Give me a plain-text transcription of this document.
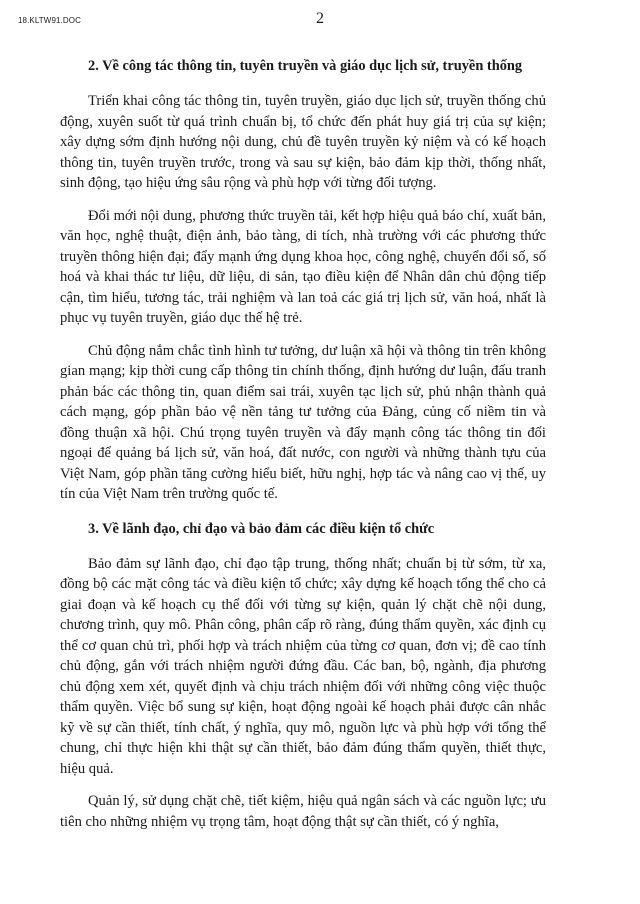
18.KLTW91.DOC	2
2. Về công tác thông tin, tuyên truyền và giáo dục lịch sử, truyền thống

Triển khai công tác thông tin, tuyên truyền, giáo dục lịch sử, truyền thống chủ động, xuyên suốt từ quá trình chuẩn bị, tổ chức đến phát huy giá trị của sự kiện; xây dựng sớm định hướng nội dung, chủ đề tuyên truyền kỷ niệm và có kế hoạch thông tin, tuyên truyền trước, trong và sau sự kiện, bảo đảm kịp thời, thống nhất, sinh động, tạo hiệu ứng sâu rộng và phù hợp với từng đối tượng.

Đổi mới nội dung, phương thức truyền tải, kết hợp hiệu quả báo chí, xuất bản, văn học, nghệ thuật, điện ảnh, bảo tàng, di tích, nhà trường với các phương thức truyền thông hiện đại; đẩy mạnh ứng dụng khoa học, công nghệ, chuyển đổi số, số hoá và khai thác tư liệu, dữ liệu, di sản, tạo điều kiện để Nhân dân chủ động tiếp cận, tìm hiểu, tương tác, trải nghiệm và lan toả các giá trị lịch sử, văn hoá, nhất là phục vụ tuyên truyền, giáo dục thế hệ trẻ.

Chủ động nắm chắc tình hình tư tưởng, dư luận xã hội và thông tin trên không gian mạng; kịp thời cung cấp thông tin chính thống, định hướng dư luận, đấu tranh phản bác các thông tin, quan điểm sai trái, xuyên tạc lịch sử, phủ nhận thành quả cách mạng, góp phần bảo vệ nền tảng tư tưởng của Đảng, củng cố niềm tin và đồng thuận xã hội. Chú trọng tuyên truyền và đẩy mạnh công tác thông tin đối ngoại để quảng bá lịch sử, văn hoá, đất nước, con người và những thành tựu của Việt Nam, góp phần tăng cường hiểu biết, hữu nghị, hợp tác và nâng cao vị thế, uy tín của Việt Nam trên trường quốc tế.

3. Về lãnh đạo, chỉ đạo và bảo đảm các điều kiện tổ chức

Bảo đảm sự lãnh đạo, chỉ đạo tập trung, thống nhất; chuẩn bị từ sớm, từ xa, đồng bộ các mặt công tác và điều kiện tổ chức; xây dựng kế hoạch tổng thể cho cả giai đoạn và kế hoạch cụ thể đối với từng sự kiện, quản lý chặt chẽ nội dung, chương trình, quy mô. Phân công, phân cấp rõ ràng, đúng thẩm quyền, xác định cụ thể cơ quan chủ trì, phối hợp và trách nhiệm của từng cơ quan, đơn vị; đề cao tính chủ động, gắn với trách nhiệm người đứng đầu. Các ban, bộ, ngành, địa phương chủ động xem xét, quyết định và chịu trách nhiệm đối với những công việc thuộc thẩm quyền. Việc bổ sung sự kiện, hoạt động ngoài kế hoạch phải được cân nhắc kỹ về sự cần thiết, tính chất, ý nghĩa, quy mô, nguồn lực và phù hợp với tổng thể chung, chỉ thực hiện khi thật sự cần thiết, bảo đảm đúng thẩm quyền, thiết thực, hiệu quả.

Quản lý, sử dụng chặt chẽ, tiết kiệm, hiệu quả ngân sách và các nguồn lực; ưu tiên cho những nhiệm vụ trọng tâm, hoạt động thật sự cần thiết, có ý nghĩa,
